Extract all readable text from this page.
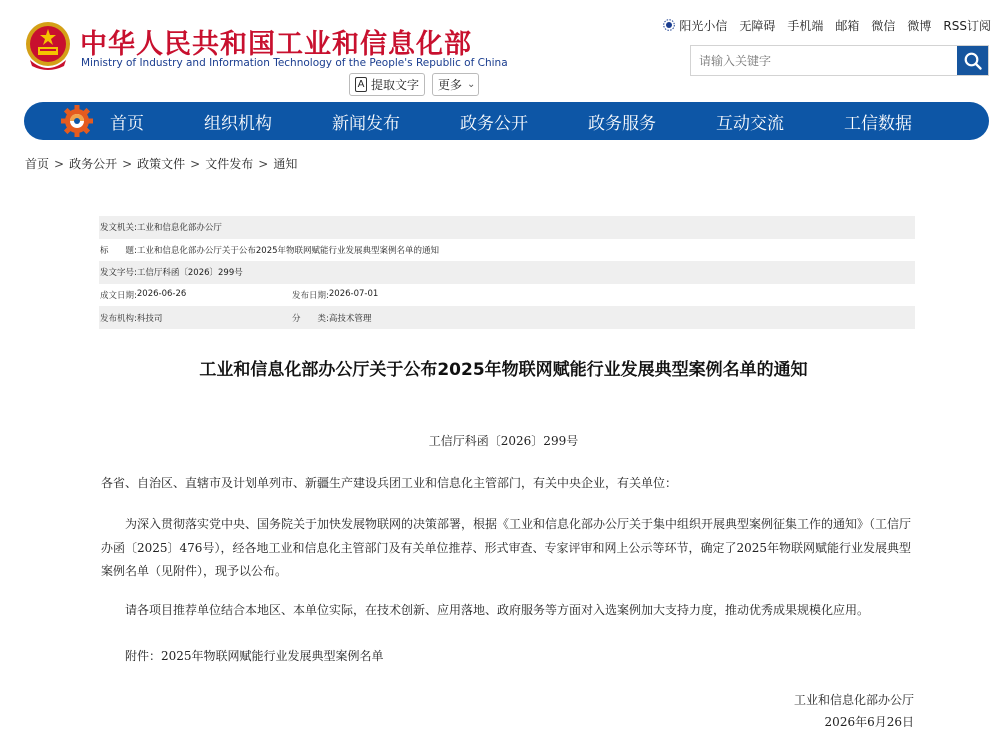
中华人民共和国工业和信息化部
Ministry of Industry and Information Technology of the People's Republic of China
A 提取文字 更多 ⌄
阳光小信 无障碍 手机端 邮箱 微信 微博 RSS订阅
请输入关键字
首页	组织机构	新闻发布	政务公开	政务服务	互动交流	工信数据
首页 > 政务公开 > 政策文件 > 文件发布 > 通知
发文机关: 工业和信息化部办公厅
标　　题: 工业和信息化部办公厅关于公布2025年物联网赋能行业发展典型案例名单的通知
发文字号: 工信厅科函〔2026〕299号
成文日期: 2026-06-26	发布日期: 2026-07-01
发布机构: 科技司	分　　类: 高技术管理
工业和信息化部办公厅关于公布2025年物联网赋能行业发展典型案例名单的通知
工信厅科函〔2026〕299号
各省、自治区、直辖市及计划单列市、新疆生产建设兵团工业和信息化主管部门，有关中央企业，有关单位：
为深入贯彻落实党中央、国务院关于加快发展物联网的决策部署，根据《工业和信息化部办公厅关于集中组织开展典型案例征集工作的通知》（工信厅办函〔2025〕476号），经各地工业和信息化主管部门及有关单位推荐、形式审查、专家评审和网上公示等环节，确定了2025年物联网赋能行业发展典型案例名单（见附件），现予以公布。
请各项目推荐单位结合本地区、本单位实际，在技术创新、应用落地、政府服务等方面对入选案例加大支持力度，推动优秀成果规模化应用。
附件：2025年物联网赋能行业发展典型案例名单
工业和信息化部办公厅
2026年6月26日
